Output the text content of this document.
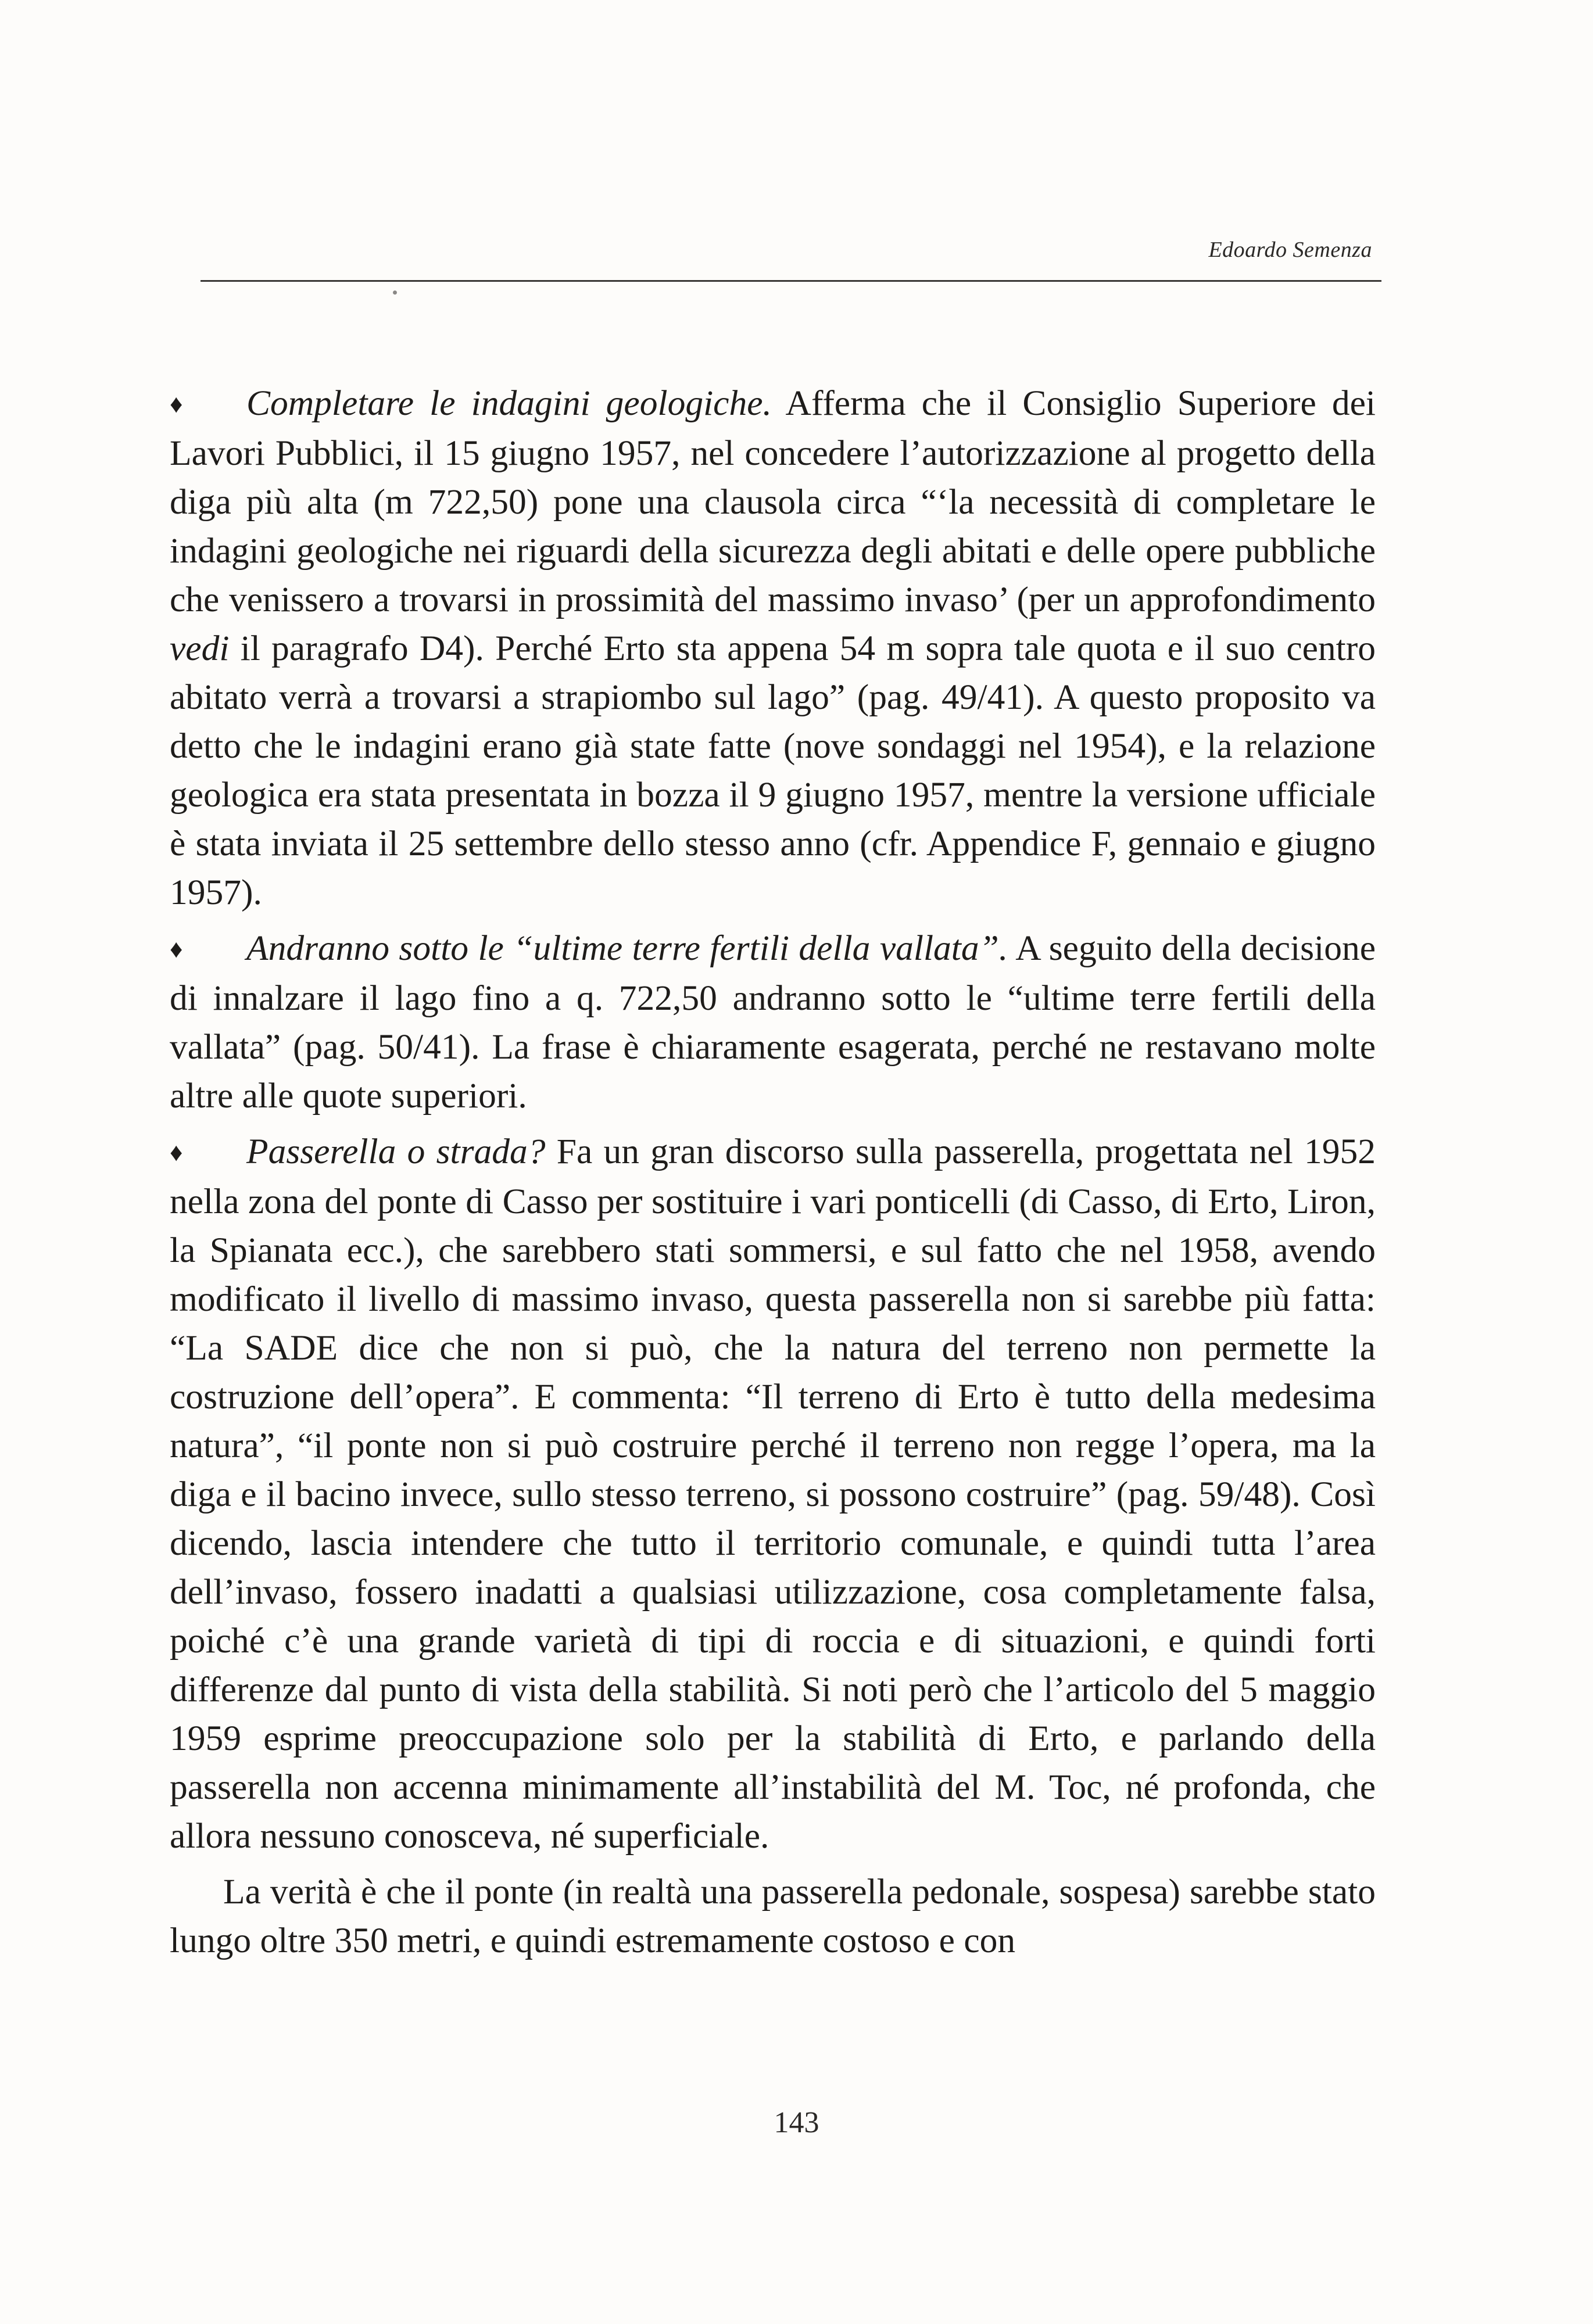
Edoardo Semenza

♦ Completare le indagini geologiche. Afferma che il Consiglio Superiore dei Lavori Pubblici, il 15 giugno 1957, nel concedere l’autorizzazione al progetto della diga più alta (m 722,50) pone una clausola circa “‘la necessità di completare le indagini geologiche nei riguardi della sicurezza degli abitati e delle opere pubbliche che venissero a trovarsi in prossimità del massimo invaso’ (per un approfondimento vedi il paragrafo D4). Perché Erto sta appena 54 m sopra tale quota e il suo centro abitato verrà a trovarsi a strapiombo sul lago” (pag. 49/41). A questo proposito va detto che le indagini erano già state fatte (nove sondaggi nel 1954), e la relazione geologica era stata presentata in bozza il 9 giugno 1957, mentre la versione ufficiale è stata inviata il 25 settembre dello stesso anno (cfr. Appendice F, gennaio e giugno 1957).

♦ Andranno sotto le “ultime terre fertili della vallata”. A seguito della decisione di innalzare il lago fino a q. 722,50 andranno sotto le “ultime terre fertili della vallata” (pag. 50/41). La frase è chiaramente esagerata, perché ne restavano molte altre alle quote superiori.

♦ Passerella o strada? Fa un gran discorso sulla passerella, progettata nel 1952 nella zona del ponte di Casso per sostituire i vari ponticelli (di Casso, di Erto, Liron, la Spianata ecc.), che sarebbero stati sommersi, e sul fatto che nel 1958, avendo modificato il livello di massimo invaso, questa passerella non si sarebbe più fatta: “La SADE dice che non si può, che la natura del terreno non permette la costruzione dell’opera”. E commenta: “Il terreno di Erto è tutto della medesima natura”, “il ponte non si può costruire perché il terreno non regge l’opera, ma la diga e il bacino invece, sullo stesso terreno, si possono costruire” (pag. 59/48). Così dicendo, lascia intendere che tutto il territorio comunale, e quindi tutta l’area dell’invaso, fossero inadatti a qualsiasi utilizzazione, cosa completamente falsa, poiché c’è una grande varietà di tipi di roccia e di situazioni, e quindi forti differenze dal punto di vista della stabilità. Si noti però che l’articolo del 5 maggio 1959 esprime preoccupazione solo per la stabilità di Erto, e parlando della passerella non accenna minimamente all’instabilità del M. Toc, né profonda, che allora nessuno conosceva, né superficiale.

La verità è che il ponte (in realtà una passerella pedonale, sospesa) sarebbe stato lungo oltre 350 metri, e quindi estremamente costoso e con

143
